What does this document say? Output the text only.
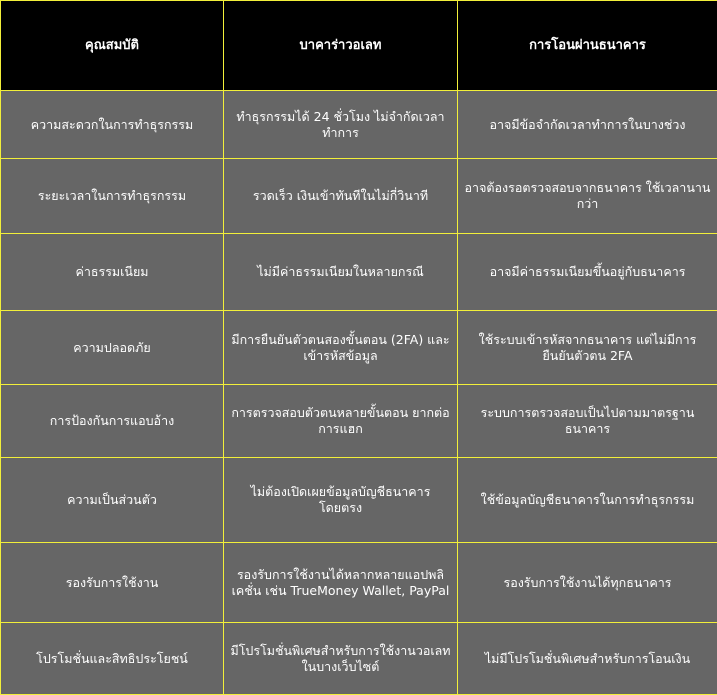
คุณสมบัติ	บาคาร่าวอเลท	การโอนผ่านธนาคาร
ความสะดวกในการทำธุรกรรม	ทำธุรกรรมได้ 24 ชั่วโมง ไม่จำกัดเวลาทำการ	อาจมีข้อจำกัดเวลาทำการในบางช่วง
ระยะเวลาในการทำธุรกรรม	รวดเร็ว เงินเข้าทันทีในไม่กี่วินาที	อาจต้องรอตรวจสอบจากธนาคาร ใช้เวลานานกว่า
ค่าธรรมเนียม	ไม่มีค่าธรรมเนียมในหลายกรณี	อาจมีค่าธรรมเนียมขึ้นอยู่กับธนาคาร
ความปลอดภัย	มีการยืนยันตัวตนสองขั้นตอน (2FA) และเข้ารหัสข้อมูล	ใช้ระบบเข้ารหัสจากธนาคาร แต่ไม่มีการยืนยันตัวตน 2FA
การป้องกันการแอบอ้าง	การตรวจสอบตัวตนหลายขั้นตอน ยากต่อการแฮก	ระบบการตรวจสอบเป็นไปตามมาตรฐานธนาคาร
ความเป็นส่วนตัว	ไม่ต้องเปิดเผยข้อมูลบัญชีธนาคารโดยตรง	ใช้ข้อมูลบัญชีธนาคารในการทำธุรกรรม
รองรับการใช้งาน	รองรับการใช้งานได้หลากหลายแอปพลิเคชั่น เช่น TrueMoney Wallet, PayPal	รองรับการใช้งานได้ทุกธนาคาร
โปรโมชั่นและสิทธิประโยชน์	มีโปรโมชั่นพิเศษสำหรับการใช้งานวอเลทในบางเว็บไซต์	ไม่มีโปรโมชั่นพิเศษสำหรับการโอนเงิน
